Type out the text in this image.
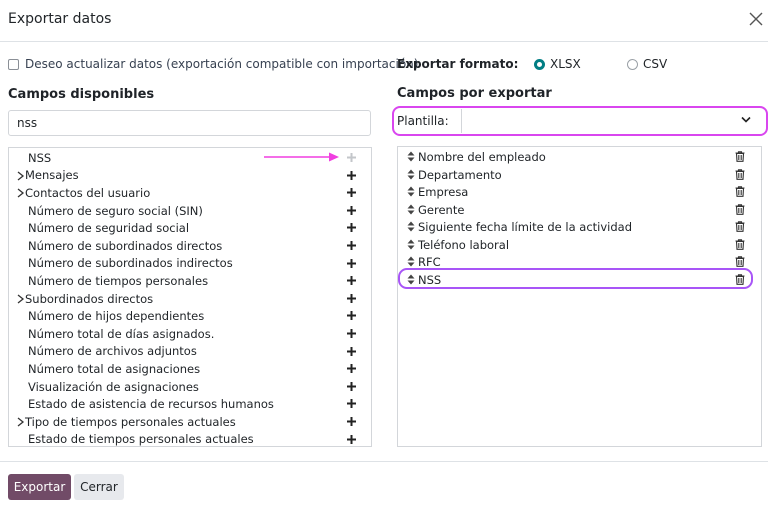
Exportar datos
Deseo actualizar datos (exportación compatible con importación)
Exportar formato:	XLSX	CSV
Campos disponibles
nss
NSS
Mensajes
Contactos del usuario
Número de seguro social (SIN)
Número de seguridad social
Número de subordinados directos
Número de subordinados indirectos
Número de tiempos personales
Subordinados directos
Número de hijos dependientes
Número total de días asignados.
Número de archivos adjuntos
Número total de asignaciones
Visualización de asignaciones
Estado de asistencia de recursos humanos
Tipo de tiempos personales actuales
Estado de tiempos personales actuales
Campos por exportar
Plantilla:
Nombre del empleado
Departamento
Empresa
Gerente
Siguiente fecha límite de la actividad
Teléfono laboral
RFC
NSS
Exportar	Cerrar
